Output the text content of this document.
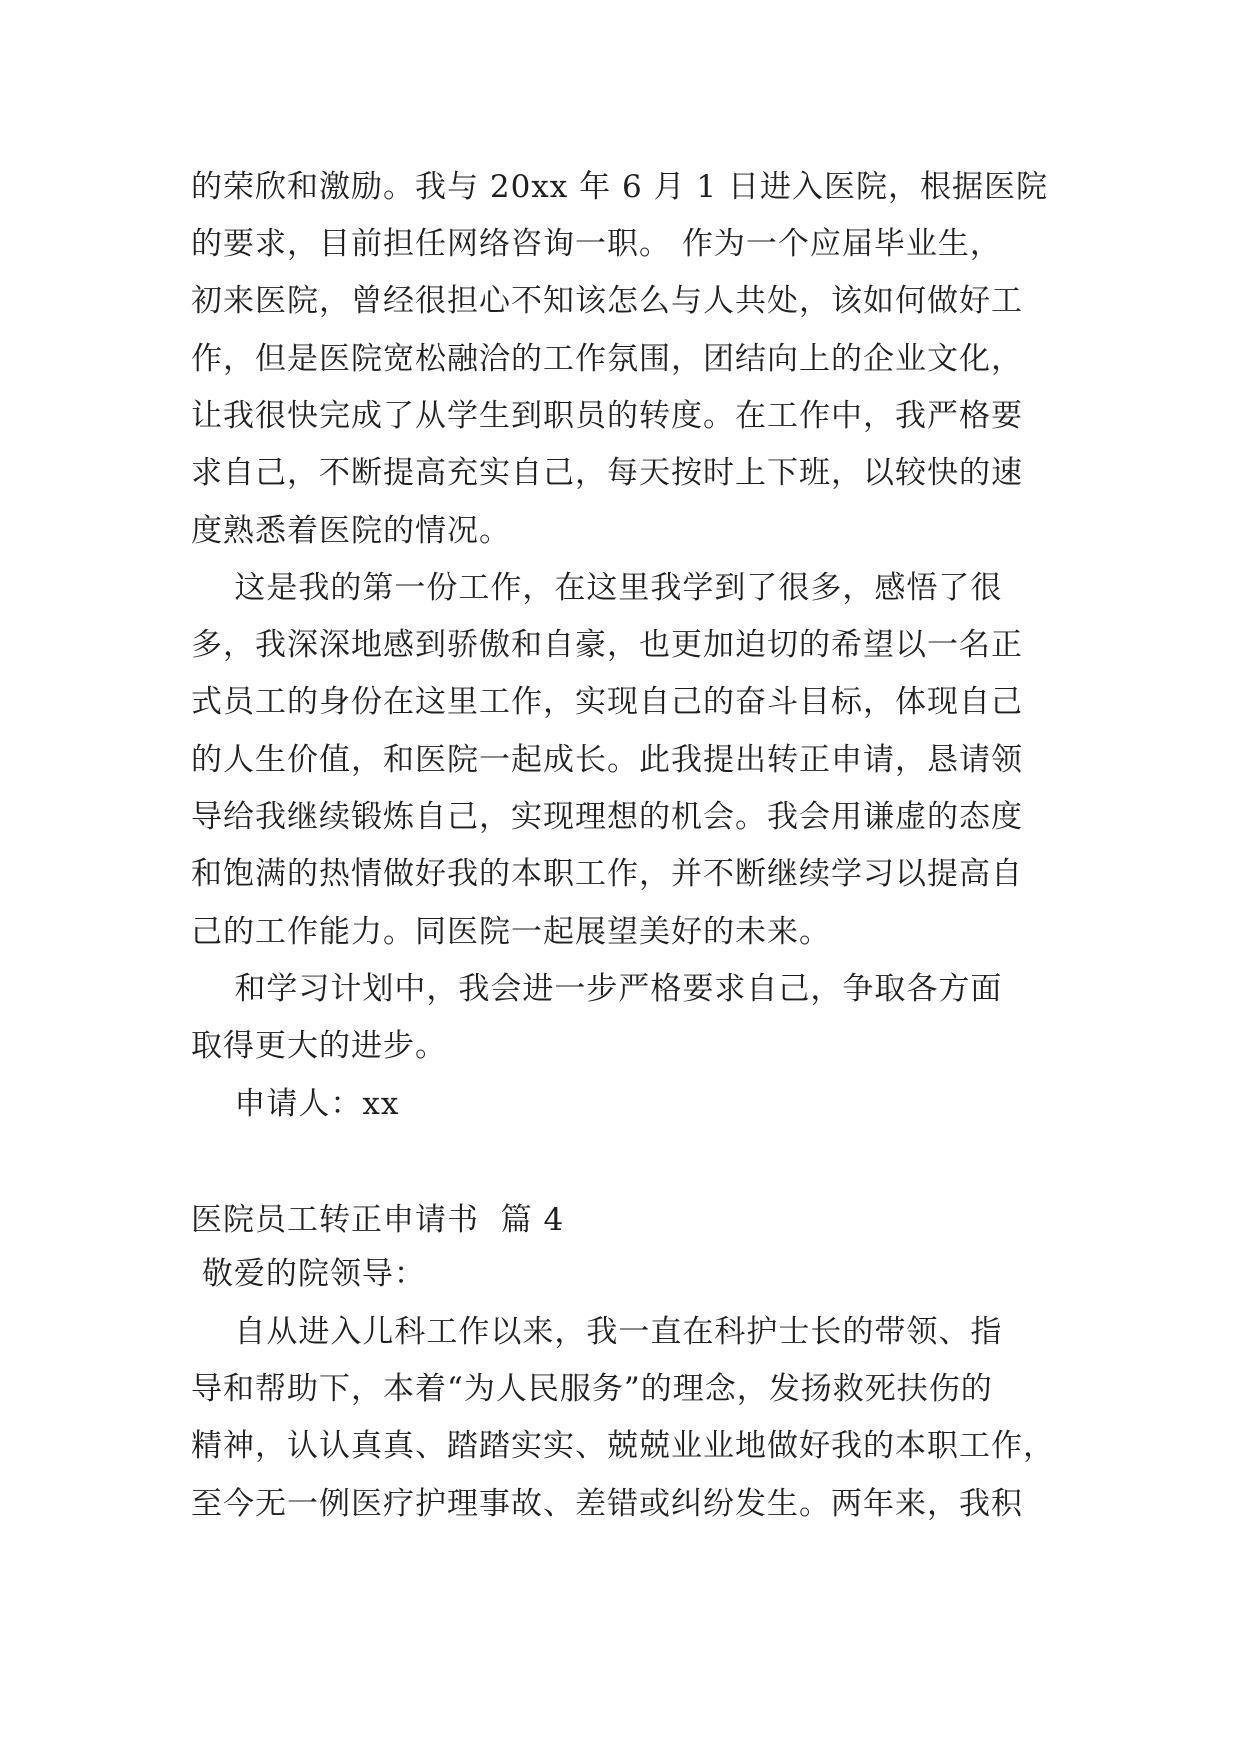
的荣欣和激励。我与 20xx 年 6 月 1 日进入医院，根据医院
的要求，目前担任网络咨询一职。 作为一个应届毕业生，
初来医院，曾经很担心不知该怎么与人共处，该如何做好工
作，但是医院宽松融洽的工作氛围，团结向上的企业文化，
让我很快完成了从学生到职员的转度。在工作中，我严格要
求自己，不断提高充实自己，每天按时上下班，以较快的速
度熟悉着医院的情况。
这是我的第一份工作，在这里我学到了很多，感悟了很
多，我深深地感到骄傲和自豪，也更加迫切的希望以一名正
式员工的身份在这里工作，实现自己的奋斗目标，体现自己
的人生价值，和医院一起成长。此我提出转正申请，恳请领
导给我继续锻炼自己，实现理想的机会。我会用谦虚的态度
和饱满的热情做好我的本职工作，并不断继续学习以提高自
己的工作能力。同医院一起展望美好的未来。
和学习计划中，我会进一步严格要求自己，争取各方面
取得更大的进步。
申请人：xx
医院员工转正申请书  篇 4
敬爱的院领导：
自从进入儿科工作以来，我一直在科护士长的带领、指
导和帮助下，本着“为人民服务”的理念，发扬救死扶伤的
精神，认认真真、踏踏实实、兢兢业业地做好我的本职工作，
至今无一例医疗护理事故、差错或纠纷发生。两年来，我积
